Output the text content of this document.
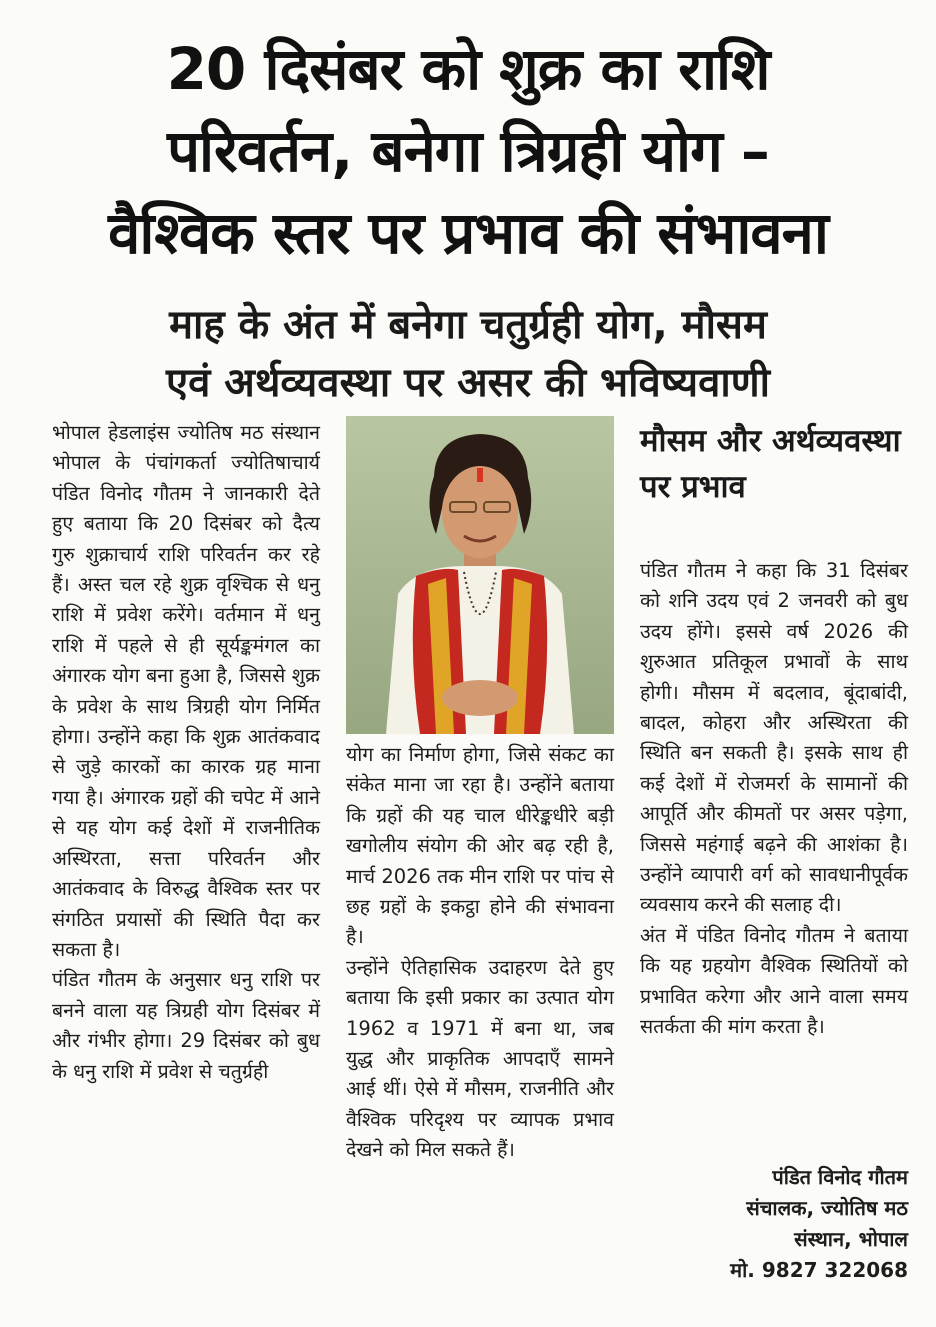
20 दिसंबर को शुक्र का राशि
परिवर्तन, बनेगा त्रिग्रही योग –
वैश्विक स्तर पर प्रभाव की संभावना
माह के अंत में बनेगा चतुर्ग्रही योग, मौसम
एवं अर्थव्यवस्था पर असर की भविष्यवाणी

भोपाल हेडलाइंस ज्योतिष मठ संस्थान भोपाल के पंचांगकर्ता ज्योतिषाचार्य पंडित विनोद गौतम ने जानकारी देते हुए बताया कि 20 दिसंबर को दैत्य गुरु शुक्राचार्य राशि परिवर्तन कर रहे हैं। अस्त चल रहे शुक्र वृश्चिक से धनु राशि में प्रवेश करेंगे। वर्तमान में धनु राशि में पहले से ही सूर्यङ्कमंगल का अंगारक योग बना हुआ है, जिससे शुक्र के प्रवेश के साथ त्रिग्रही योग निर्मित होगा। उन्होंने कहा कि शुक्र आतंकवाद से जुड़े कारकों का कारक ग्रह माना गया है। अंगारक ग्रहों की चपेट में आने से यह योग कई देशों में राजनीतिक अस्थिरता, सत्ता परिवर्तन और आतंकवाद के विरुद्ध वैश्विक स्तर पर संगठित प्रयासों की स्थिति पैदा कर सकता है।

पंडित गौतम के अनुसार धनु राशि पर बनने वाला यह त्रिग्रही योग दिसंबर में और गंभीर होगा। 29 दिसंबर को बुध के धनु राशि में प्रवेश से चतुर्ग्रही

योग का निर्माण होगा, जिसे संकट का संकेत माना जा रहा है। उन्होंने बताया कि ग्रहों की यह चाल धीरेङ्कधीरे बड़ी खगोलीय संयोग की ओर बढ़ रही है, मार्च 2026 तक मीन राशि पर पांच से छह ग्रहों के इकट्ठा होने की संभावना है।

उन्होंने ऐतिहासिक उदाहरण देते हुए बताया कि इसी प्रकार का उत्पात योग 1962 व 1971 में बना था, जब युद्ध और प्राकृतिक आपदाएँ सामने आई थीं। ऐसे में मौसम, राजनीति और वैश्विक परिदृश्य पर व्यापक प्रभाव देखने को मिल सकते हैं।

मौसम और अर्थव्यवस्था पर प्रभाव

पंडित गौतम ने कहा कि 31 दिसंबर को शनि उदय एवं 2 जनवरी को बुध उदय होंगे। इससे वर्ष 2026 की शुरुआत प्रतिकूल प्रभावों के साथ होगी। मौसम में बदलाव, बूंदाबांदी, बादल, कोहरा और अस्थिरता की स्थिति बन सकती है। इसके साथ ही कई देशों में रोजमर्रा के सामानों की आपूर्ति और कीमतों पर असर पड़ेगा, जिससे महंगाई बढ़ने की आशंका है। उन्होंने व्यापारी वर्ग को सावधानीपूर्वक व्यवसाय करने की सलाह दी।

अंत में पंडित विनोद गौतम ने बताया कि यह ग्रहयोग वैश्विक स्थितियों को प्रभावित करेगा और आने वाला समय सतर्कता की मांग करता है।

पंडित विनोद गौतम
संचालक, ज्योतिष मठ
संस्थान, भोपाल
मो. 9827 322068
